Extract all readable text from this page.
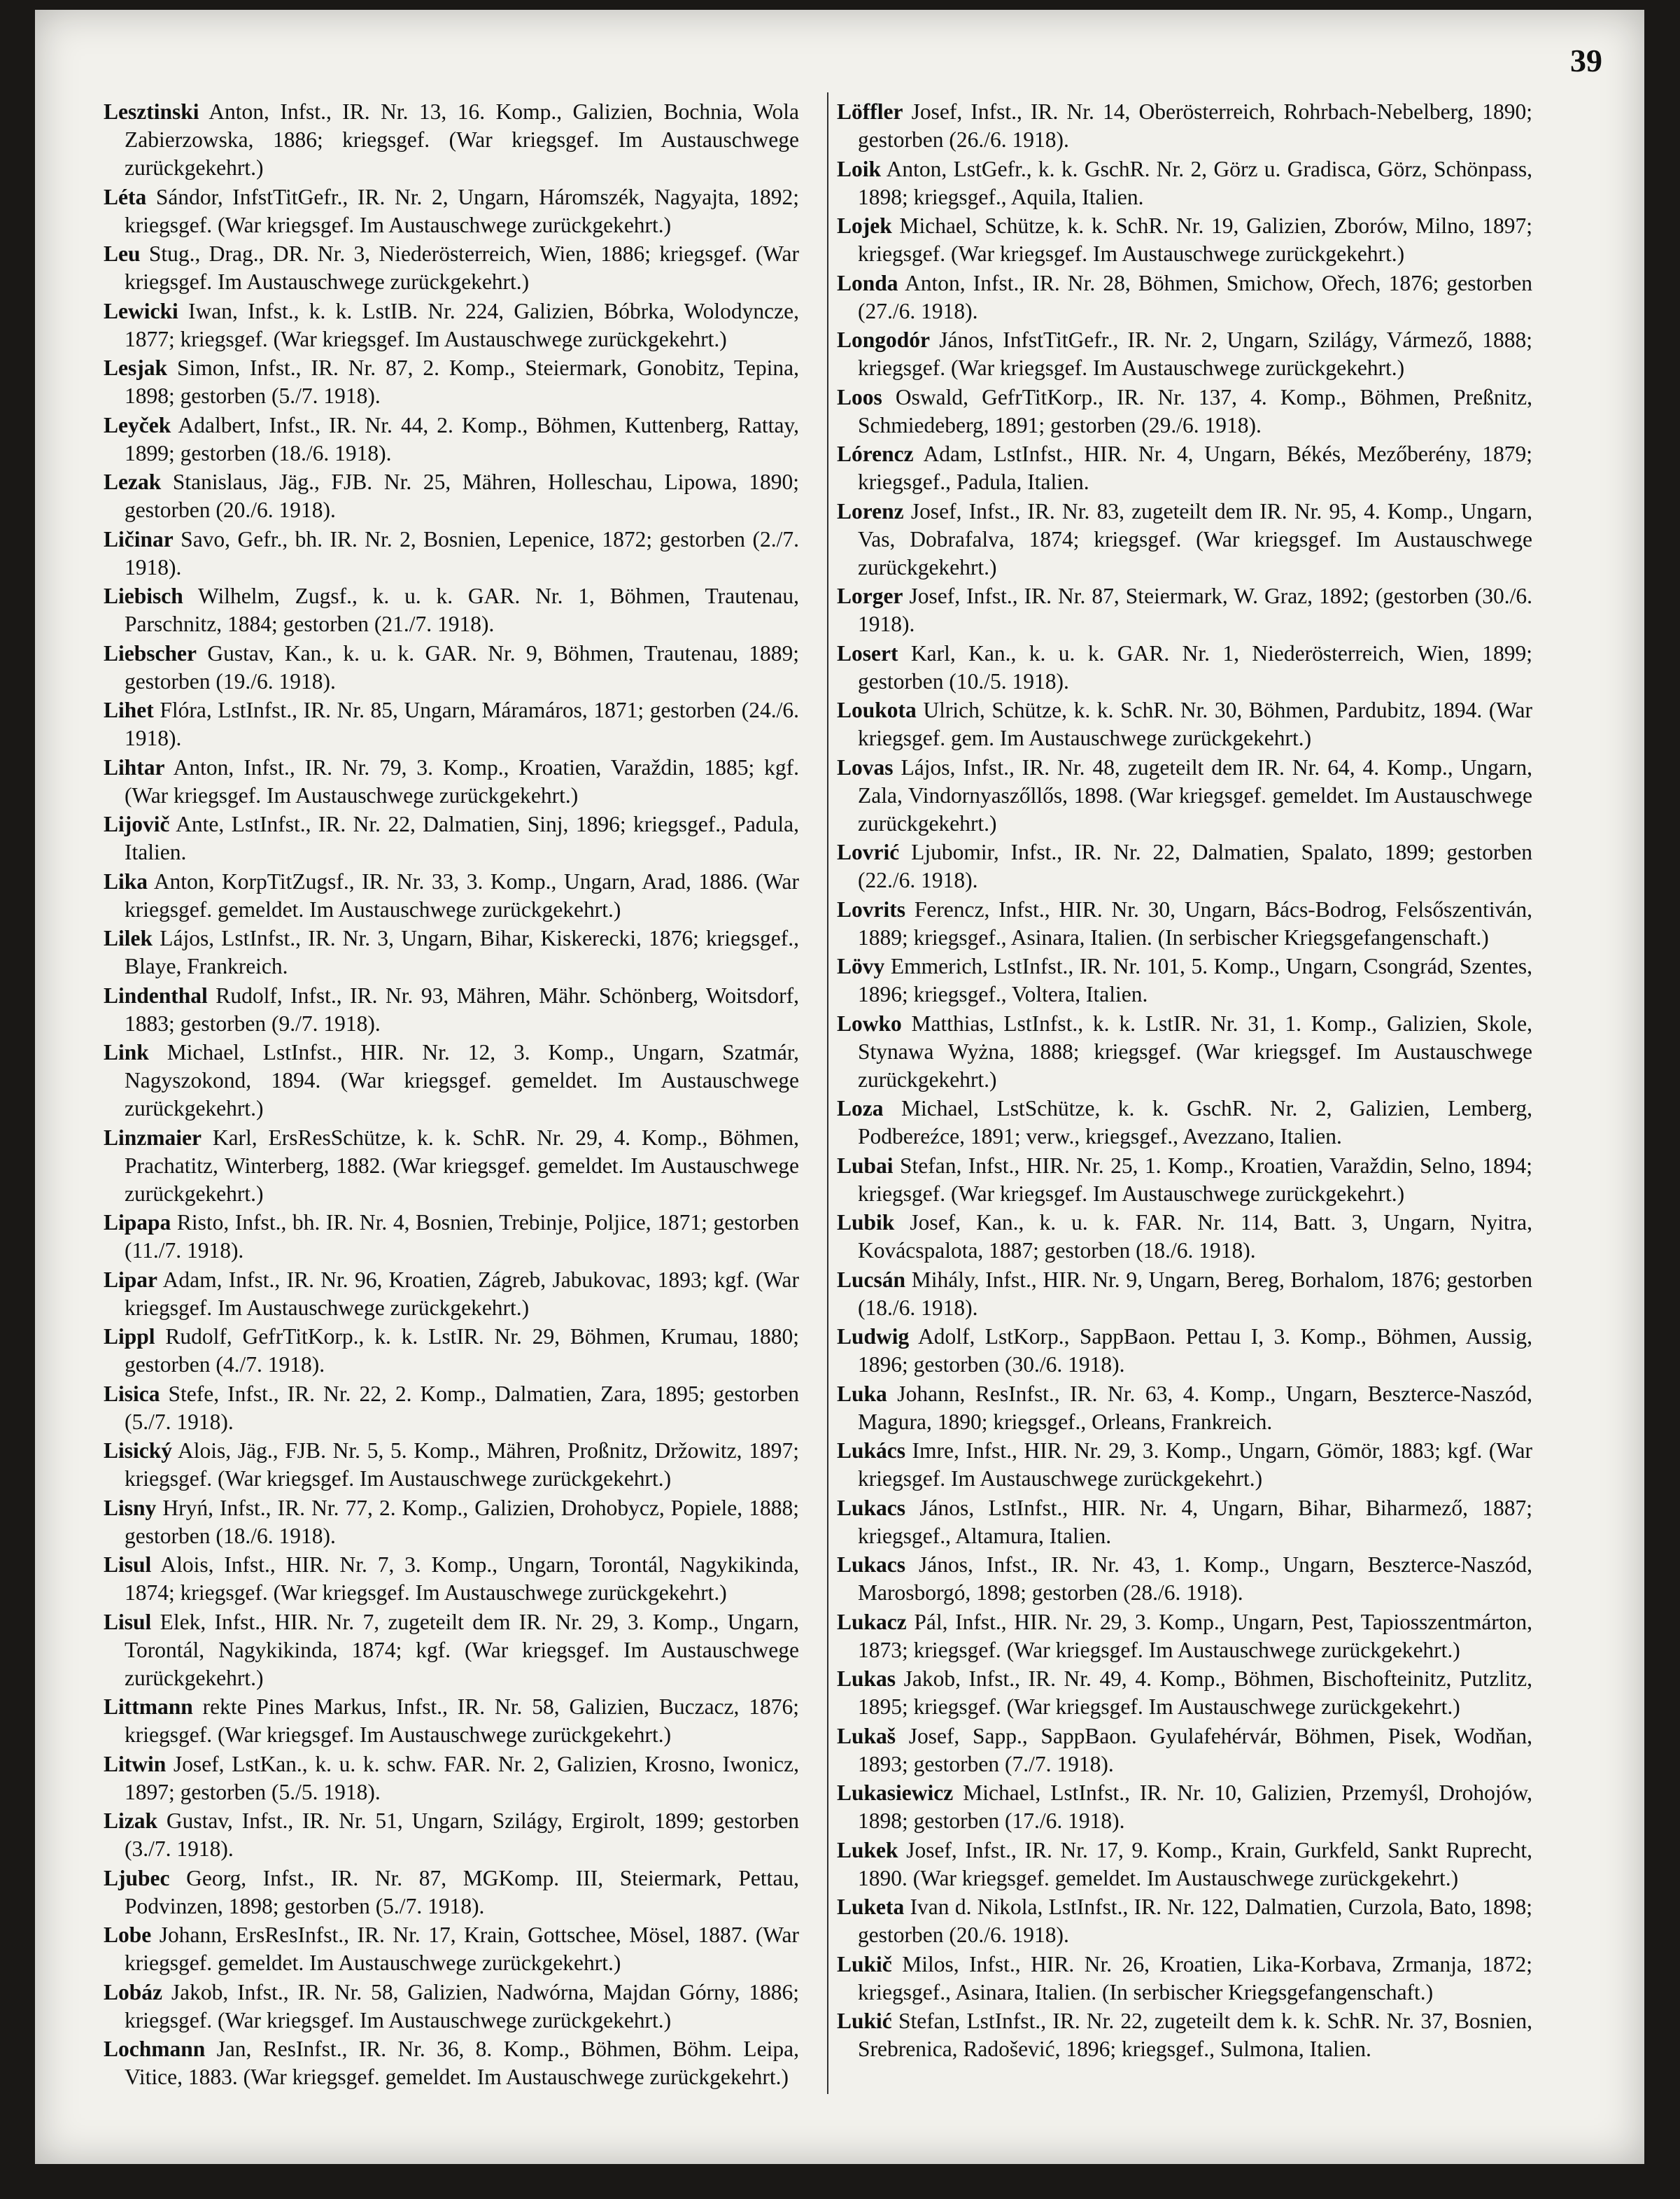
39

Lesztinski Anton, Infst., IR. Nr. 13, 16. Komp., Galizien, Bochnia, Wola Zabierzowska, 1886; kriegsgef. (War kriegsgef. Im Austauschwege zurückgekehrt.)

Léta Sándor, InfstTitGefr., IR. Nr. 2, Ungarn, Háromszék, Nagyajta, 1892; kriegsgef. (War kriegsgef. Im Austauschwege zurückgekehrt.)

Leu Stug., Drag., DR. Nr. 3, Niederösterreich, Wien, 1886; kriegsgef. (War kriegsgef. Im Austauschwege zurückgekehrt.)

Lewicki Iwan, Infst., k. k. LstIB. Nr. 224, Galizien, Bóbrka, Wolodyncze, 1877; kriegsgef. (War kriegsgef. Im Austauschwege zurückgekehrt.)

Lesjak Simon, Infst., IR. Nr. 87, 2. Komp., Steiermark, Gonobitz, Tepina, 1898; gestorben (5./7. 1918).

Leyček Adalbert, Infst., IR. Nr. 44, 2. Komp., Böhmen, Kuttenberg, Rattay, 1899; gestorben (18./6. 1918).

Lezak Stanislaus, Jäg., FJB. Nr. 25, Mähren, Holleschau, Lipowa, 1890; gestorben (20./6. 1918).

Ličinar Savo, Gefr., bh. IR. Nr. 2, Bosnien, Lepenice, 1872; gestorben (2./7. 1918).

Liebisch Wilhelm, Zugsf., k. u. k. GAR. Nr. 1, Böhmen, Trautenau, Parschnitz, 1884; gestorben (21./7. 1918).

Liebscher Gustav, Kan., k. u. k. GAR. Nr. 9, Böhmen, Trautenau, 1889; gestorben (19./6. 1918).

Lihet Flóra, LstInfst., IR. Nr. 85, Ungarn, Máramáros, 1871; gestorben (24./6. 1918).

Lihtar Anton, Infst., IR. Nr. 79, 3. Komp., Kroatien, Varaždin, 1885; kgf. (War kriegsgef. Im Austauschwege zurückgekehrt.)

Lijovič Ante, LstInfst., IR. Nr. 22, Dalmatien, Sinj, 1896; kriegsgef., Padula, Italien.

Lika Anton, KorpTitZugsf., IR. Nr. 33, 3. Komp., Ungarn, Arad, 1886. (War kriegsgef. gemeldet. Im Austauschwege zurückgekehrt.)

Lilek Lájos, LstInfst., IR. Nr. 3, Ungarn, Bihar, Kiskerecki, 1876; kriegsgef., Blaye, Frankreich.

Lindenthal Rudolf, Infst., IR. Nr. 93, Mähren, Mähr. Schönberg, Woitsdorf, 1883; gestorben (9./7. 1918).

Link Michael, LstInfst., HIR. Nr. 12, 3. Komp., Ungarn, Szatmár, Nagyszokond, 1894. (War kriegsgef. gemeldet. Im Austauschwege zurückgekehrt.)

Linzmaier Karl, ErsResSchütze, k. k. SchR. Nr. 29, 4. Komp., Böhmen, Prachatitz, Winterberg, 1882. (War kriegsgef. gemeldet. Im Austauschwege zurückgekehrt.)

Lipapa Risto, Infst., bh. IR. Nr. 4, Bosnien, Trebinje, Poljice, 1871; gestorben (11./7. 1918).

Lipar Adam, Infst., IR. Nr. 96, Kroatien, Zágreb, Jabukovac, 1893; kgf. (War kriegsgef. Im Austauschwege zurückgekehrt.)

Lippl Rudolf, GefrTitKorp., k. k. LstIR. Nr. 29, Böhmen, Krumau, 1880; gestorben (4./7. 1918).

Lisica Stefe, Infst., IR. Nr. 22, 2. Komp., Dalmatien, Zara, 1895; gestorben (5./7. 1918).

Lisický Alois, Jäg., FJB. Nr. 5, 5. Komp., Mähren, Proßnitz, Držowitz, 1897; kriegsgef. (War kriegsgef. Im Austauschwege zurückgekehrt.)

Lisny Hryń, Infst., IR. Nr. 77, 2. Komp., Galizien, Drohobycz, Popiele, 1888; gestorben (18./6. 1918).

Lisul Alois, Infst., HIR. Nr. 7, 3. Komp., Ungarn, Torontál, Nagykikinda, 1874; kriegsgef. (War kriegsgef. Im Austauschwege zurückgekehrt.)

Lisul Elek, Infst., HIR. Nr. 7, zugeteilt dem IR. Nr. 29, 3. Komp., Ungarn, Torontál, Nagykikinda, 1874; kgf. (War kriegsgef. Im Austauschwege zurückgekehrt.)

Littmann rekte Pines Markus, Infst., IR. Nr. 58, Galizien, Buczacz, 1876; kriegsgef. (War kriegsgef. Im Austauschwege zurückgekehrt.)

Litwin Josef, LstKan., k. u. k. schw. FAR. Nr. 2, Galizien, Krosno, Iwonicz, 1897; gestorben (5./5. 1918).

Lizak Gustav, Infst., IR. Nr. 51, Ungarn, Szilágy, Ergirolt, 1899; gestorben (3./7. 1918).

Ljubec Georg, Infst., IR. Nr. 87, MGKomp. III, Steiermark, Pettau, Podvinzen, 1898; gestorben (5./7. 1918).

Lobe Johann, ErsResInfst., IR. Nr. 17, Krain, Gottschee, Mösel, 1887. (War kriegsgef. gemeldet. Im Austauschwege zurückgekehrt.)

Lobáz Jakob, Infst., IR. Nr. 58, Galizien, Nadwórna, Majdan Górny, 1886; kriegsgef. (War kriegsgef. Im Austauschwege zurückgekehrt.)

Lochmann Jan, ResInfst., IR. Nr. 36, 8. Komp., Böhmen, Böhm. Leipa, Vitice, 1883. (War kriegsgef. gemeldet. Im Austauschwege zurückgekehrt.)

Löffler Josef, Infst., IR. Nr. 14, Oberösterreich, Rohrbach-Nebelberg, 1890; gestorben (26./6. 1918).

Loik Anton, LstGefr., k. k. GschR. Nr. 2, Görz u. Gradisca, Görz, Schönpass, 1898; kriegsgef., Aquila, Italien.

Lojek Michael, Schütze, k. k. SchR. Nr. 19, Galizien, Zborów, Milno, 1897; kriegsgef. (War kriegsgef. Im Austauschwege zurückgekehrt.)

Londa Anton, Infst., IR. Nr. 28, Böhmen, Smichow, Ořech, 1876; gestorben (27./6. 1918).

Longodór János, InfstTitGefr., IR. Nr. 2, Ungarn, Szilágy, Vármező, 1888; kriegsgef. (War kriegsgef. Im Austauschwege zurückgekehrt.)

Loos Oswald, GefrTitKorp., IR. Nr. 137, 4. Komp., Böhmen, Preßnitz, Schmiedeberg, 1891; gestorben (29./6. 1918).

Lórencz Adam, LstInfst., HIR. Nr. 4, Ungarn, Békés, Mezőberény, 1879; kriegsgef., Padula, Italien.

Lorenz Josef, Infst., IR. Nr. 83, zugeteilt dem IR. Nr. 95, 4. Komp., Ungarn, Vas, Dobrafalva, 1874; kriegsgef. (War kriegsgef. Im Austauschwege zurückgekehrt.)

Lorger Josef, Infst., IR. Nr. 87, Steiermark, W. Graz, 1892; (gestorben (30./6. 1918).

Losert Karl, Kan., k. u. k. GAR. Nr. 1, Niederösterreich, Wien, 1899; gestorben (10./5. 1918).

Loukota Ulrich, Schütze, k. k. SchR. Nr. 30, Böhmen, Pardubitz, 1894. (War kriegsgef. gem. Im Austauschwege zurückgekehrt.)

Lovas Lájos, Infst., IR. Nr. 48, zugeteilt dem IR. Nr. 64, 4. Komp., Ungarn, Zala, Vindornyaszőllős, 1898. (War kriegsgef. gemeldet. Im Austauschwege zurückgekehrt.)

Lovrić Ljubomir, Infst., IR. Nr. 22, Dalmatien, Spalato, 1899; gestorben (22./6. 1918).

Lovrits Ferencz, Infst., HIR. Nr. 30, Ungarn, Bács-Bodrog, Felsőszentiván, 1889; kriegsgef., Asinara, Italien. (In serbischer Kriegsgefangenschaft.)

Lövy Emmerich, LstInfst., IR. Nr. 101, 5. Komp., Ungarn, Csongrád, Szentes, 1896; kriegsgef., Voltera, Italien.

Lowko Matthias, LstInfst., k. k. LstIR. Nr. 31, 1. Komp., Galizien, Skole, Stynawa Wyżna, 1888; kriegsgef. (War kriegsgef. Im Austauschwege zurückgekehrt.)

Loza Michael, LstSchütze, k. k. GschR. Nr. 2, Galizien, Lemberg, Podbereźce, 1891; verw., kriegsgef., Avezzano, Italien.

Lubai Stefan, Infst., HIR. Nr. 25, 1. Komp., Kroatien, Varaždin, Selno, 1894; kriegsgef. (War kriegsgef. Im Austauschwege zurückgekehrt.)

Lubik Josef, Kan., k. u. k. FAR. Nr. 114, Batt. 3, Ungarn, Nyitra, Kovácspalota, 1887; gestorben (18./6. 1918).

Lucsán Mihály, Infst., HIR. Nr. 9, Ungarn, Bereg, Borhalom, 1876; gestorben (18./6. 1918).

Ludwig Adolf, LstKorp., SappBaon. Pettau I, 3. Komp., Böhmen, Aussig, 1896; gestorben (30./6. 1918).

Luka Johann, ResInfst., IR. Nr. 63, 4. Komp., Ungarn, Beszterce-Naszód, Magura, 1890; kriegsgef., Orleans, Frankreich.

Lukács Imre, Infst., HIR. Nr. 29, 3. Komp., Ungarn, Gömör, 1883; kgf. (War kriegsgef. Im Austauschwege zurückgekehrt.)

Lukacs János, LstInfst., HIR. Nr. 4, Ungarn, Bihar, Biharmező, 1887; kriegsgef., Altamura, Italien.

Lukacs János, Infst., IR. Nr. 43, 1. Komp., Ungarn, Beszterce-Naszód, Marosborgó, 1898; gestorben (28./6. 1918).

Lukacz Pál, Infst., HIR. Nr. 29, 3. Komp., Ungarn, Pest, Tapiosszentmárton, 1873; kriegsgef. (War kriegsgef. Im Austauschwege zurückgekehrt.)

Lukas Jakob, Infst., IR. Nr. 49, 4. Komp., Böhmen, Bischofteinitz, Putzlitz, 1895; kriegsgef. (War kriegsgef. Im Austauschwege zurückgekehrt.)

Lukaš Josef, Sapp., SappBaon. Gyulafehérvár, Böhmen, Pisek, Wodňan, 1893; gestorben (7./7. 1918).

Lukasiewicz Michael, LstInfst., IR. Nr. 10, Galizien, Przemyśl, Drohojów, 1898; gestorben (17./6. 1918).

Lukek Josef, Infst., IR. Nr. 17, 9. Komp., Krain, Gurkfeld, Sankt Ruprecht, 1890. (War kriegsgef. gemeldet. Im Austauschwege zurückgekehrt.)

Luketa Ivan d. Nikola, LstInfst., IR. Nr. 122, Dalmatien, Curzola, Bato, 1898; gestorben (20./6. 1918).

Lukič Milos, Infst., HIR. Nr. 26, Kroatien, Lika-Korbava, Zrmanja, 1872; kriegsgef., Asinara, Italien. (In serbischer Kriegsgefangenschaft.)

Lukić Stefan, LstInfst., IR. Nr. 22, zugeteilt dem k. k. SchR. Nr. 37, Bosnien, Srebrenica, Radošević, 1896; kriegsgef., Sulmona, Italien.
